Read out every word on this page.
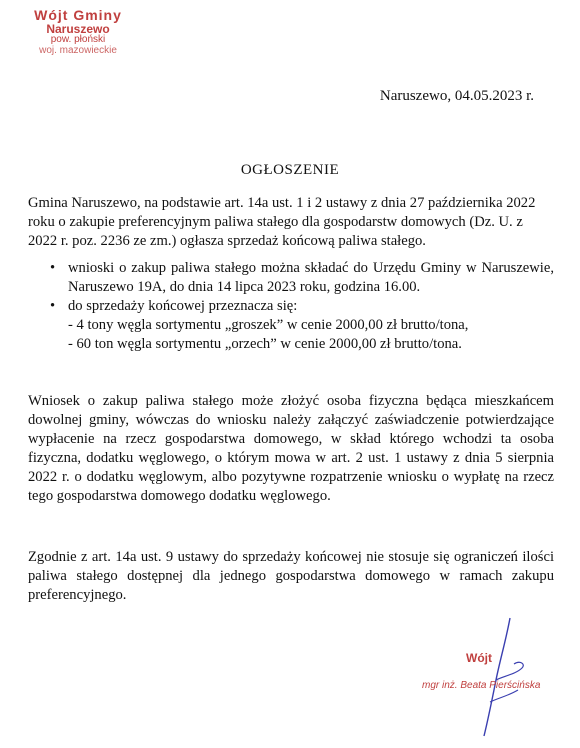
Wójt Gminy
Naruszewo
pow. płoński
woj. mazowieckie
Naruszewo, 04.05.2023 r.
OGŁOSZENIE
Gmina Naruszewo, na podstawie art. 14a ust. 1 i 2 ustawy z dnia 27 października 2022 roku o zakupie preferencyjnym paliwa stałego dla gospodarstw domowych (Dz. U. z 2022 r. poz. 2236 ze zm.) ogłasza sprzedaż końcową paliwa stałego.
• wnioski o zakup paliwa stałego można składać do Urzędu Gminy w Naruszewie, Naruszewo 19A, do dnia 14 lipca 2023 roku, godzina 16.00.
• do sprzedaży końcowej przeznacza się:
- 4 tony węgla sortymentu „groszek” w cenie 2000,00 zł brutto/tona,
- 60 ton węgla sortymentu „orzech” w cenie 2000,00 zł brutto/tona.
Wniosek o zakup paliwa stałego może złożyć osoba fizyczna będąca mieszkańcem dowolnej gminy, wówczas do wniosku należy załączyć zaświadczenie potwierdzające wypłacenie na rzecz gospodarstwa domowego, w skład którego wchodzi ta osoba fizyczna, dodatku węglowego, o którym mowa w art. 2 ust. 1 ustawy z dnia 5 sierpnia 2022 r. o dodatku węglowym, albo pozytywne rozpatrzenie wniosku o wypłatę na rzecz tego gospodarstwa domowego dodatku węglowego.
Zgodnie z art. 14a ust. 9 ustawy do sprzedaży końcowej nie stosuje się ograniczeń ilości paliwa stałego dostępnej dla jednego gospodarstwa domowego w ramach zakupu preferencyjnego.
Wójt
mgr inż. Beata Pierścińska
